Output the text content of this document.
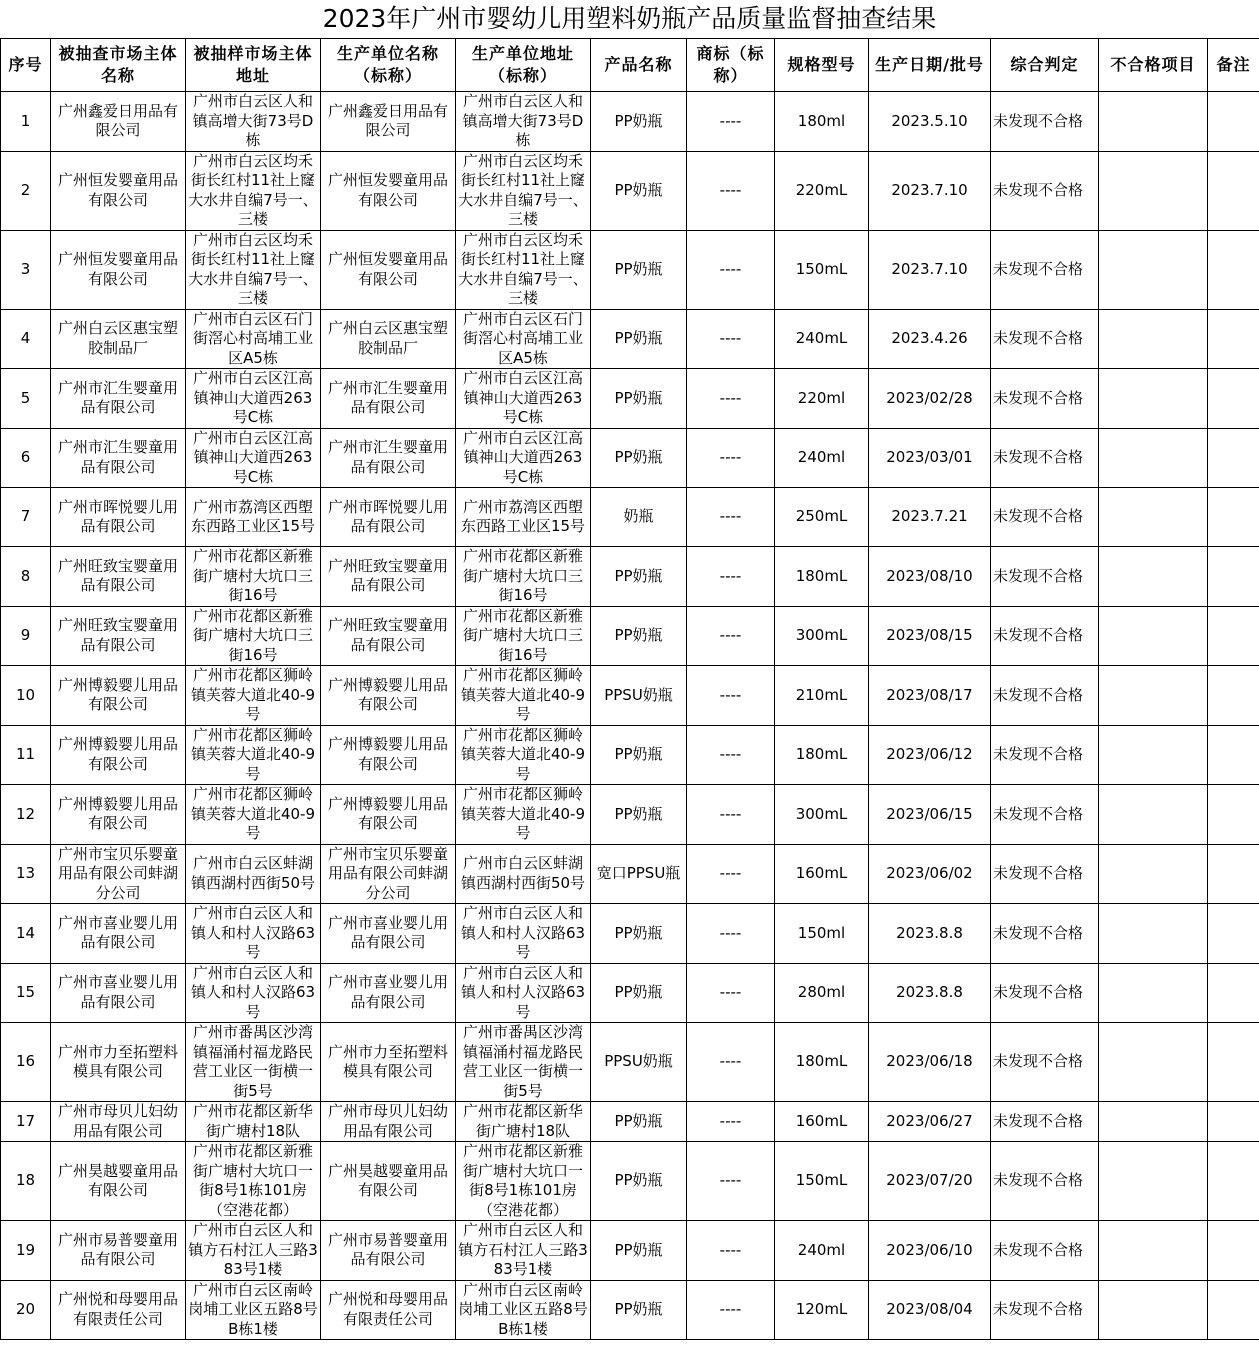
2023年广州市婴幼儿用塑料奶瓶产品质量监督抽查结果
序号	被抽查市场主体名称	被抽样市场主体地址	生产单位名称（标称）	生产单位地址（标称）	产品名称	商标（标称）	规格型号	生产日期/批号	综合判定	不合格项目	备注
1	广州鑫爱日用品有限公司	广州市白云区人和镇高增大街73号D栋	广州鑫爱日用品有限公司	广州市白云区人和镇高增大街73号D栋	PP奶瓶	----	180ml	2023.5.10	未发现不合格		
2	广州恒发婴童用品有限公司	广州市白云区均禾街长红村11社上窿大水井自编7号一、三楼	广州恒发婴童用品有限公司	广州市白云区均禾街长红村11社上窿大水井自编7号一、三楼	PP奶瓶	----	220mL	2023.7.10	未发现不合格		
3	广州恒发婴童用品有限公司	广州市白云区均禾街长红村11社上窿大水井自编7号一、三楼	广州恒发婴童用品有限公司	广州市白云区均禾街长红村11社上窿大水井自编7号一、三楼	PP奶瓶	----	150mL	2023.7.10	未发现不合格		
4	广州白云区惠宝塑胶制品厂	广州市白云区石门街滘心村高埔工业区A5栋	广州白云区惠宝塑胶制品厂	广州市白云区石门街滘心村高埔工业区A5栋	PP奶瓶	----	240mL	2023.4.26	未发现不合格		
5	广州市汇生婴童用品有限公司	广州市白云区江高镇神山大道西263号C栋	广州市汇生婴童用品有限公司	广州市白云区江高镇神山大道西263号C栋	PP奶瓶	----	220ml	2023/02/28	未发现不合格		
6	广州市汇生婴童用品有限公司	广州市白云区江高镇神山大道西263号C栋	广州市汇生婴童用品有限公司	广州市白云区江高镇神山大道西263号C栋	PP奶瓶	----	240ml	2023/03/01	未发现不合格		
7	广州市晖悦婴儿用品有限公司	广州市荔湾区西塱东西路工业区15号	广州市晖悦婴儿用品有限公司	广州市荔湾区西塱东西路工业区15号	奶瓶	----	250mL	2023.7.21	未发现不合格		
8	广州旺致宝婴童用品有限公司	广州市花都区新雅街广塘村大坑口三街16号	广州旺致宝婴童用品有限公司	广州市花都区新雅街广塘村大坑口三街16号	PP奶瓶	----	180mL	2023/08/10	未发现不合格		
9	广州旺致宝婴童用品有限公司	广州市花都区新雅街广塘村大坑口三街16号	广州旺致宝婴童用品有限公司	广州市花都区新雅街广塘村大坑口三街16号	PP奶瓶	----	300mL	2023/08/15	未发现不合格		
10	广州博毅婴儿用品有限公司	广州市花都区狮岭镇芙蓉大道北40-9号	广州博毅婴儿用品有限公司	广州市花都区狮岭镇芙蓉大道北40-9号	PPSU奶瓶	----	210mL	2023/08/17	未发现不合格		
11	广州博毅婴儿用品有限公司	广州市花都区狮岭镇芙蓉大道北40-9号	广州博毅婴儿用品有限公司	广州市花都区狮岭镇芙蓉大道北40-9号	PP奶瓶	----	180mL	2023/06/12	未发现不合格		
12	广州博毅婴儿用品有限公司	广州市花都区狮岭镇芙蓉大道北40-9号	广州博毅婴儿用品有限公司	广州市花都区狮岭镇芙蓉大道北40-9号	PP奶瓶	----	300mL	2023/06/15	未发现不合格		
13	广州市宝贝乐婴童用品有限公司蚌湖分公司	广州市白云区蚌湖镇西湖村西街50号	广州市宝贝乐婴童用品有限公司蚌湖分公司	广州市白云区蚌湖镇西湖村西街50号	宽口PPSU瓶	----	160mL	2023/06/02	未发现不合格		
14	广州市喜业婴儿用品有限公司	广州市白云区人和镇人和村人汉路63号	广州市喜业婴儿用品有限公司	广州市白云区人和镇人和村人汉路63号	PP奶瓶	----	150ml	2023.8.8	未发现不合格		
15	广州市喜业婴儿用品有限公司	广州市白云区人和镇人和村人汉路63号	广州市喜业婴儿用品有限公司	广州市白云区人和镇人和村人汉路63号	PP奶瓶	----	280ml	2023.8.8	未发现不合格		
16	广州市力至拓塑料模具有限公司	广州市番禺区沙湾镇福涌村福龙路民营工业区一街横一街5号	广州市力至拓塑料模具有限公司	广州市番禺区沙湾镇福涌村福龙路民营工业区一街横一街5号	PPSU奶瓶	----	180mL	2023/06/18	未发现不合格		
17	广州市母贝儿妇幼用品有限公司	广州市花都区新华街广塘村18队	广州市母贝儿妇幼用品有限公司	广州市花都区新华街广塘村18队	PP奶瓶	----	160mL	2023/06/27	未发现不合格		
18	广州昊越婴童用品有限公司	广州市花都区新雅街广塘村大坑口一街8号1栋101房（空港花都）	广州昊越婴童用品有限公司	广州市花都区新雅街广塘村大坑口一街8号1栋101房（空港花都）	PP奶瓶	----	150mL	2023/07/20	未发现不合格		
19	广州市易普婴童用品有限公司	广州市白云区人和镇方石村江人三路383号1楼	广州市易普婴童用品有限公司	广州市白云区人和镇方石村江人三路383号1楼	PP奶瓶	----	240ml	2023/06/10	未发现不合格		
20	广州悦和母婴用品有限责任公司	广州市白云区南岭岗埔工业区五路8号B栋1楼	广州悦和母婴用品有限责任公司	广州市白云区南岭岗埔工业区五路8号B栋1楼	PP奶瓶	----	120mL	2023/08/04	未发现不合格		
